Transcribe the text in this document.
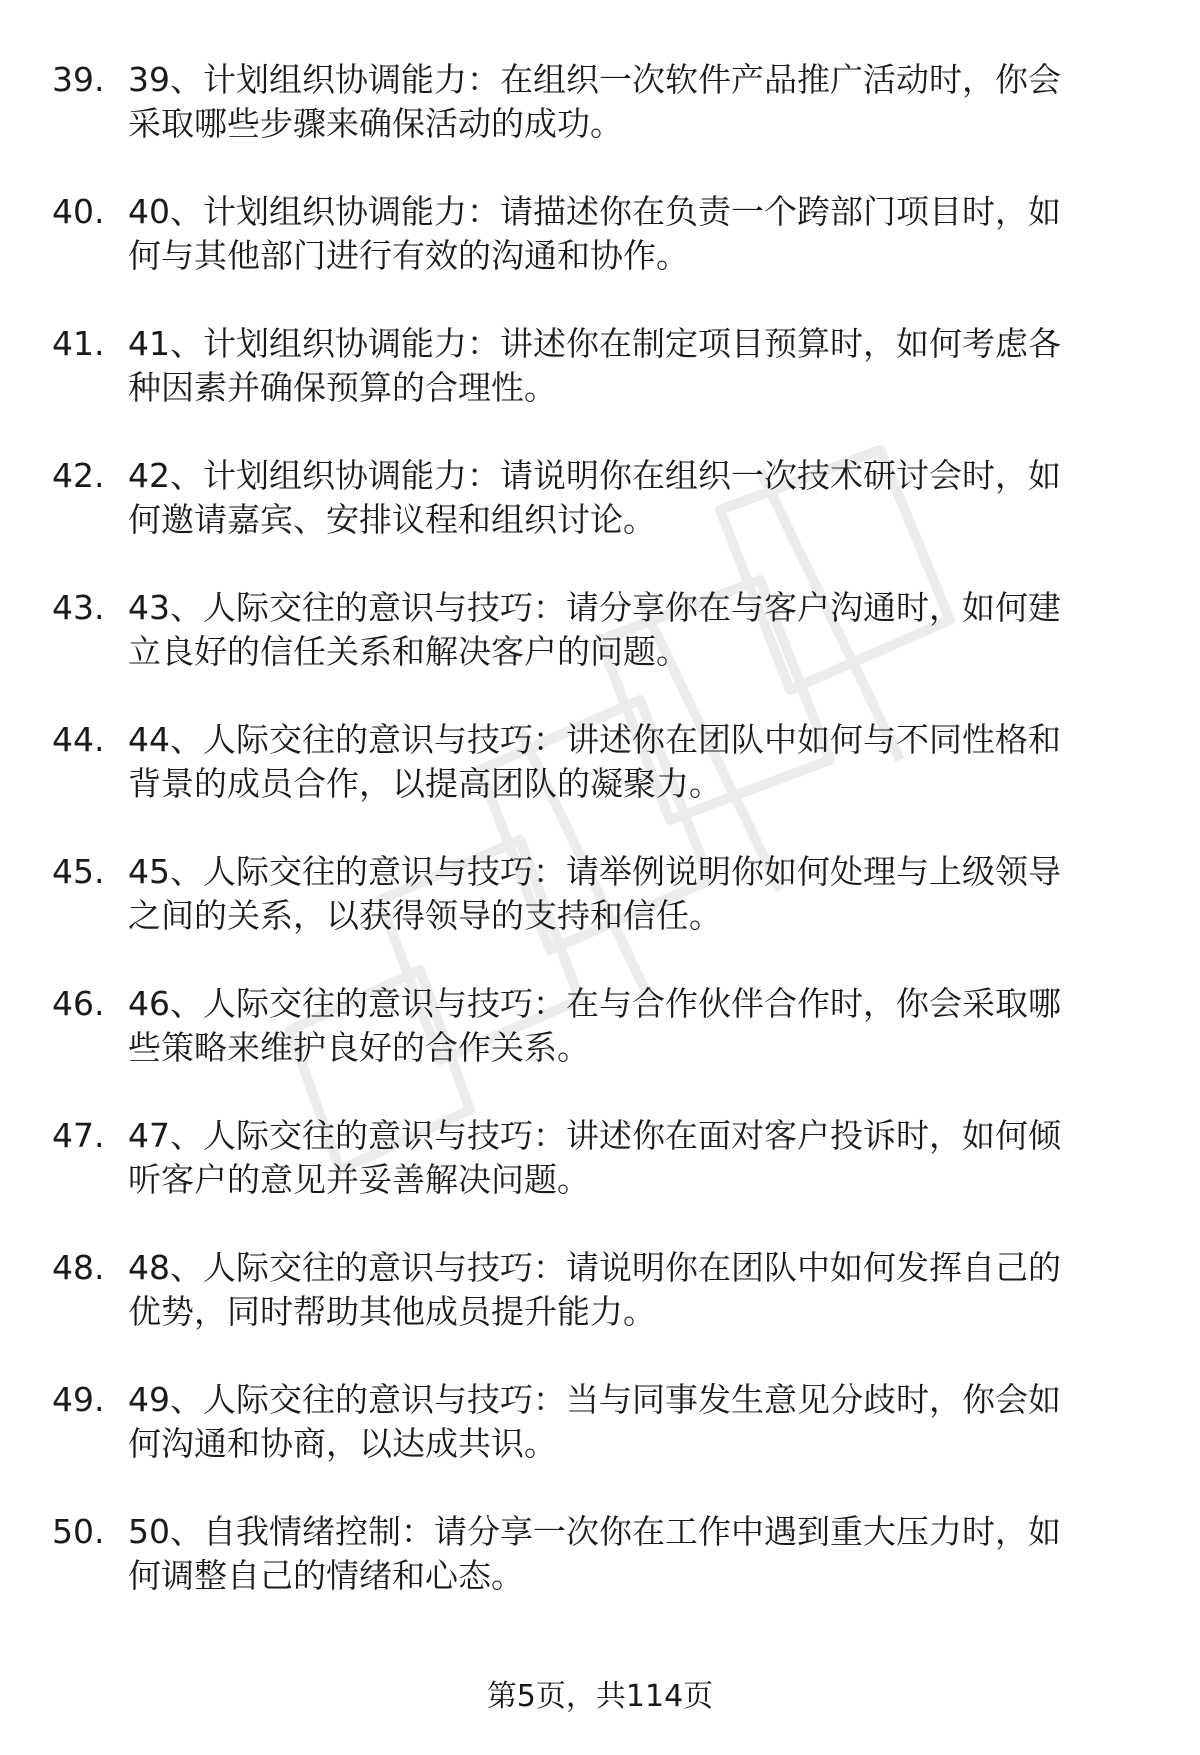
39. 39、计划组织协调能力：在组织一次软件产品推广活动时，你会
采取哪些步骤来确保活动的成功。
40. 40、计划组织协调能力：请描述你在负责一个跨部门项目时，如
何与其他部门进行有效的沟通和协作。
41. 41、计划组织协调能力：讲述你在制定项目预算时，如何考虑各
种因素并确保预算的合理性。
42. 42、计划组织协调能力：请说明你在组织一次技术研讨会时，如
何邀请嘉宾、安排议程和组织讨论。
43. 43、人际交往的意识与技巧：请分享你在与客户沟通时，如何建
立良好的信任关系和解决客户的问题。
44. 44、人际交往的意识与技巧：讲述你在团队中如何与不同性格和
背景的成员合作，以提高团队的凝聚力。
45. 45、人际交往的意识与技巧：请举例说明你如何处理与上级领导
之间的关系，以获得领导的支持和信任。
46. 46、人际交往的意识与技巧：在与合作伙伴合作时，你会采取哪
些策略来维护良好的合作关系。
47. 47、人际交往的意识与技巧：讲述你在面对客户投诉时，如何倾
听客户的意见并妥善解决问题。
48. 48、人际交往的意识与技巧：请说明你在团队中如何发挥自己的
优势，同时帮助其他成员提升能力。
49. 49、人际交往的意识与技巧：当与同事发生意见分歧时，你会如
何沟通和协商，以达成共识。
50. 50、自我情绪控制：请分享一次你在工作中遇到重大压力时，如
何调整自己的情绪和心态。
第5页，共114页
